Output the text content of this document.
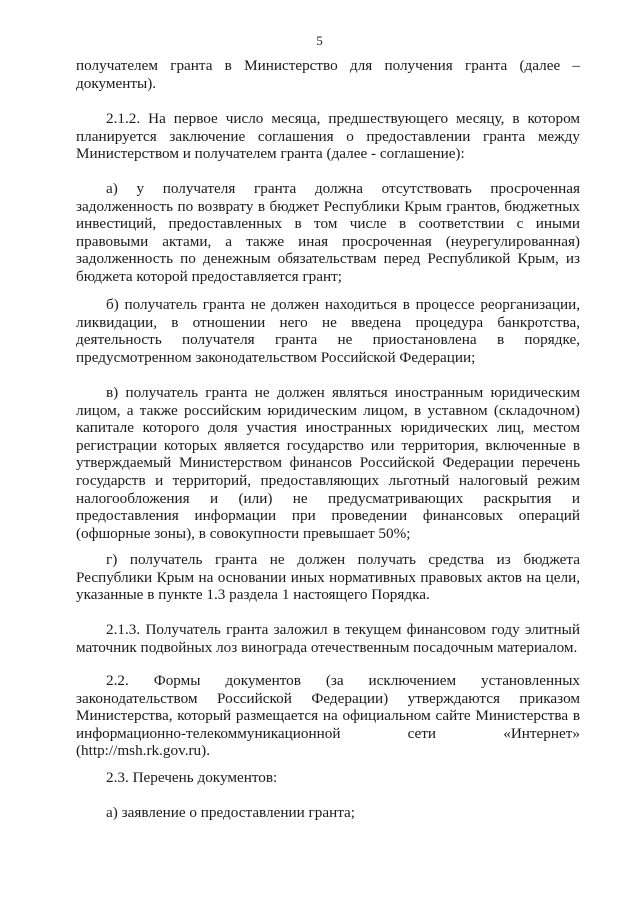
5

получателем гранта в Министерство для получения гранта (далее – документы).

2.1.2. На первое число месяца, предшествующего месяцу, в котором планируется заключение соглашения о предоставлении гранта между Министерством и получателем гранта (далее - соглашение):

а) у получателя гранта должна отсутствовать просроченная задолженность по возврату в бюджет Республики Крым грантов, бюджетных инвестиций, предоставленных в том числе в соответствии с иными правовыми актами, а также иная просроченная (неурегулированная) задолженность по денежным обязательствам перед Республикой Крым, из бюджета которой предоставляется грант;

б) получатель гранта не должен находиться в процессе реорганизации, ликвидации, в отношении него не введена процедура банкротства, деятельность получателя гранта не приостановлена в порядке, предусмотренном законодательством Российской Федерации;

в) получатель гранта не должен являться иностранным юридическим лицом, а также российским юридическим лицом, в уставном (складочном) капитале которого доля участия иностранных юридических лиц, местом регистрации которых является государство или территория, включенные в утверждаемый Министерством финансов Российской Федерации перечень государств и территорий, предоставляющих льготный налоговый режим налогообложения и (или) не предусматривающих раскрытия и предоставления информации при проведении финансовых операций (офшорные зоны), в совокупности превышает 50%;

г) получатель гранта не должен получать средства из бюджета Республики Крым на основании иных нормативных правовых актов на цели, указанные в пункте 1.3 раздела 1 настоящего Порядка.

2.1.3. Получатель гранта заложил в текущем финансовом году элитный маточник подвойных лоз винограда отечественным посадочным материалом.

2.2. Формы документов (за исключением установленных законодательством Российской Федерации) утверждаются приказом Министерства, который размещается на официальном сайте Министерства в информационно-телекоммуникационной сети «Интернет» (http://msh.rk.gov.ru).

2.3. Перечень документов:

а) заявление о предоставлении гранта;
